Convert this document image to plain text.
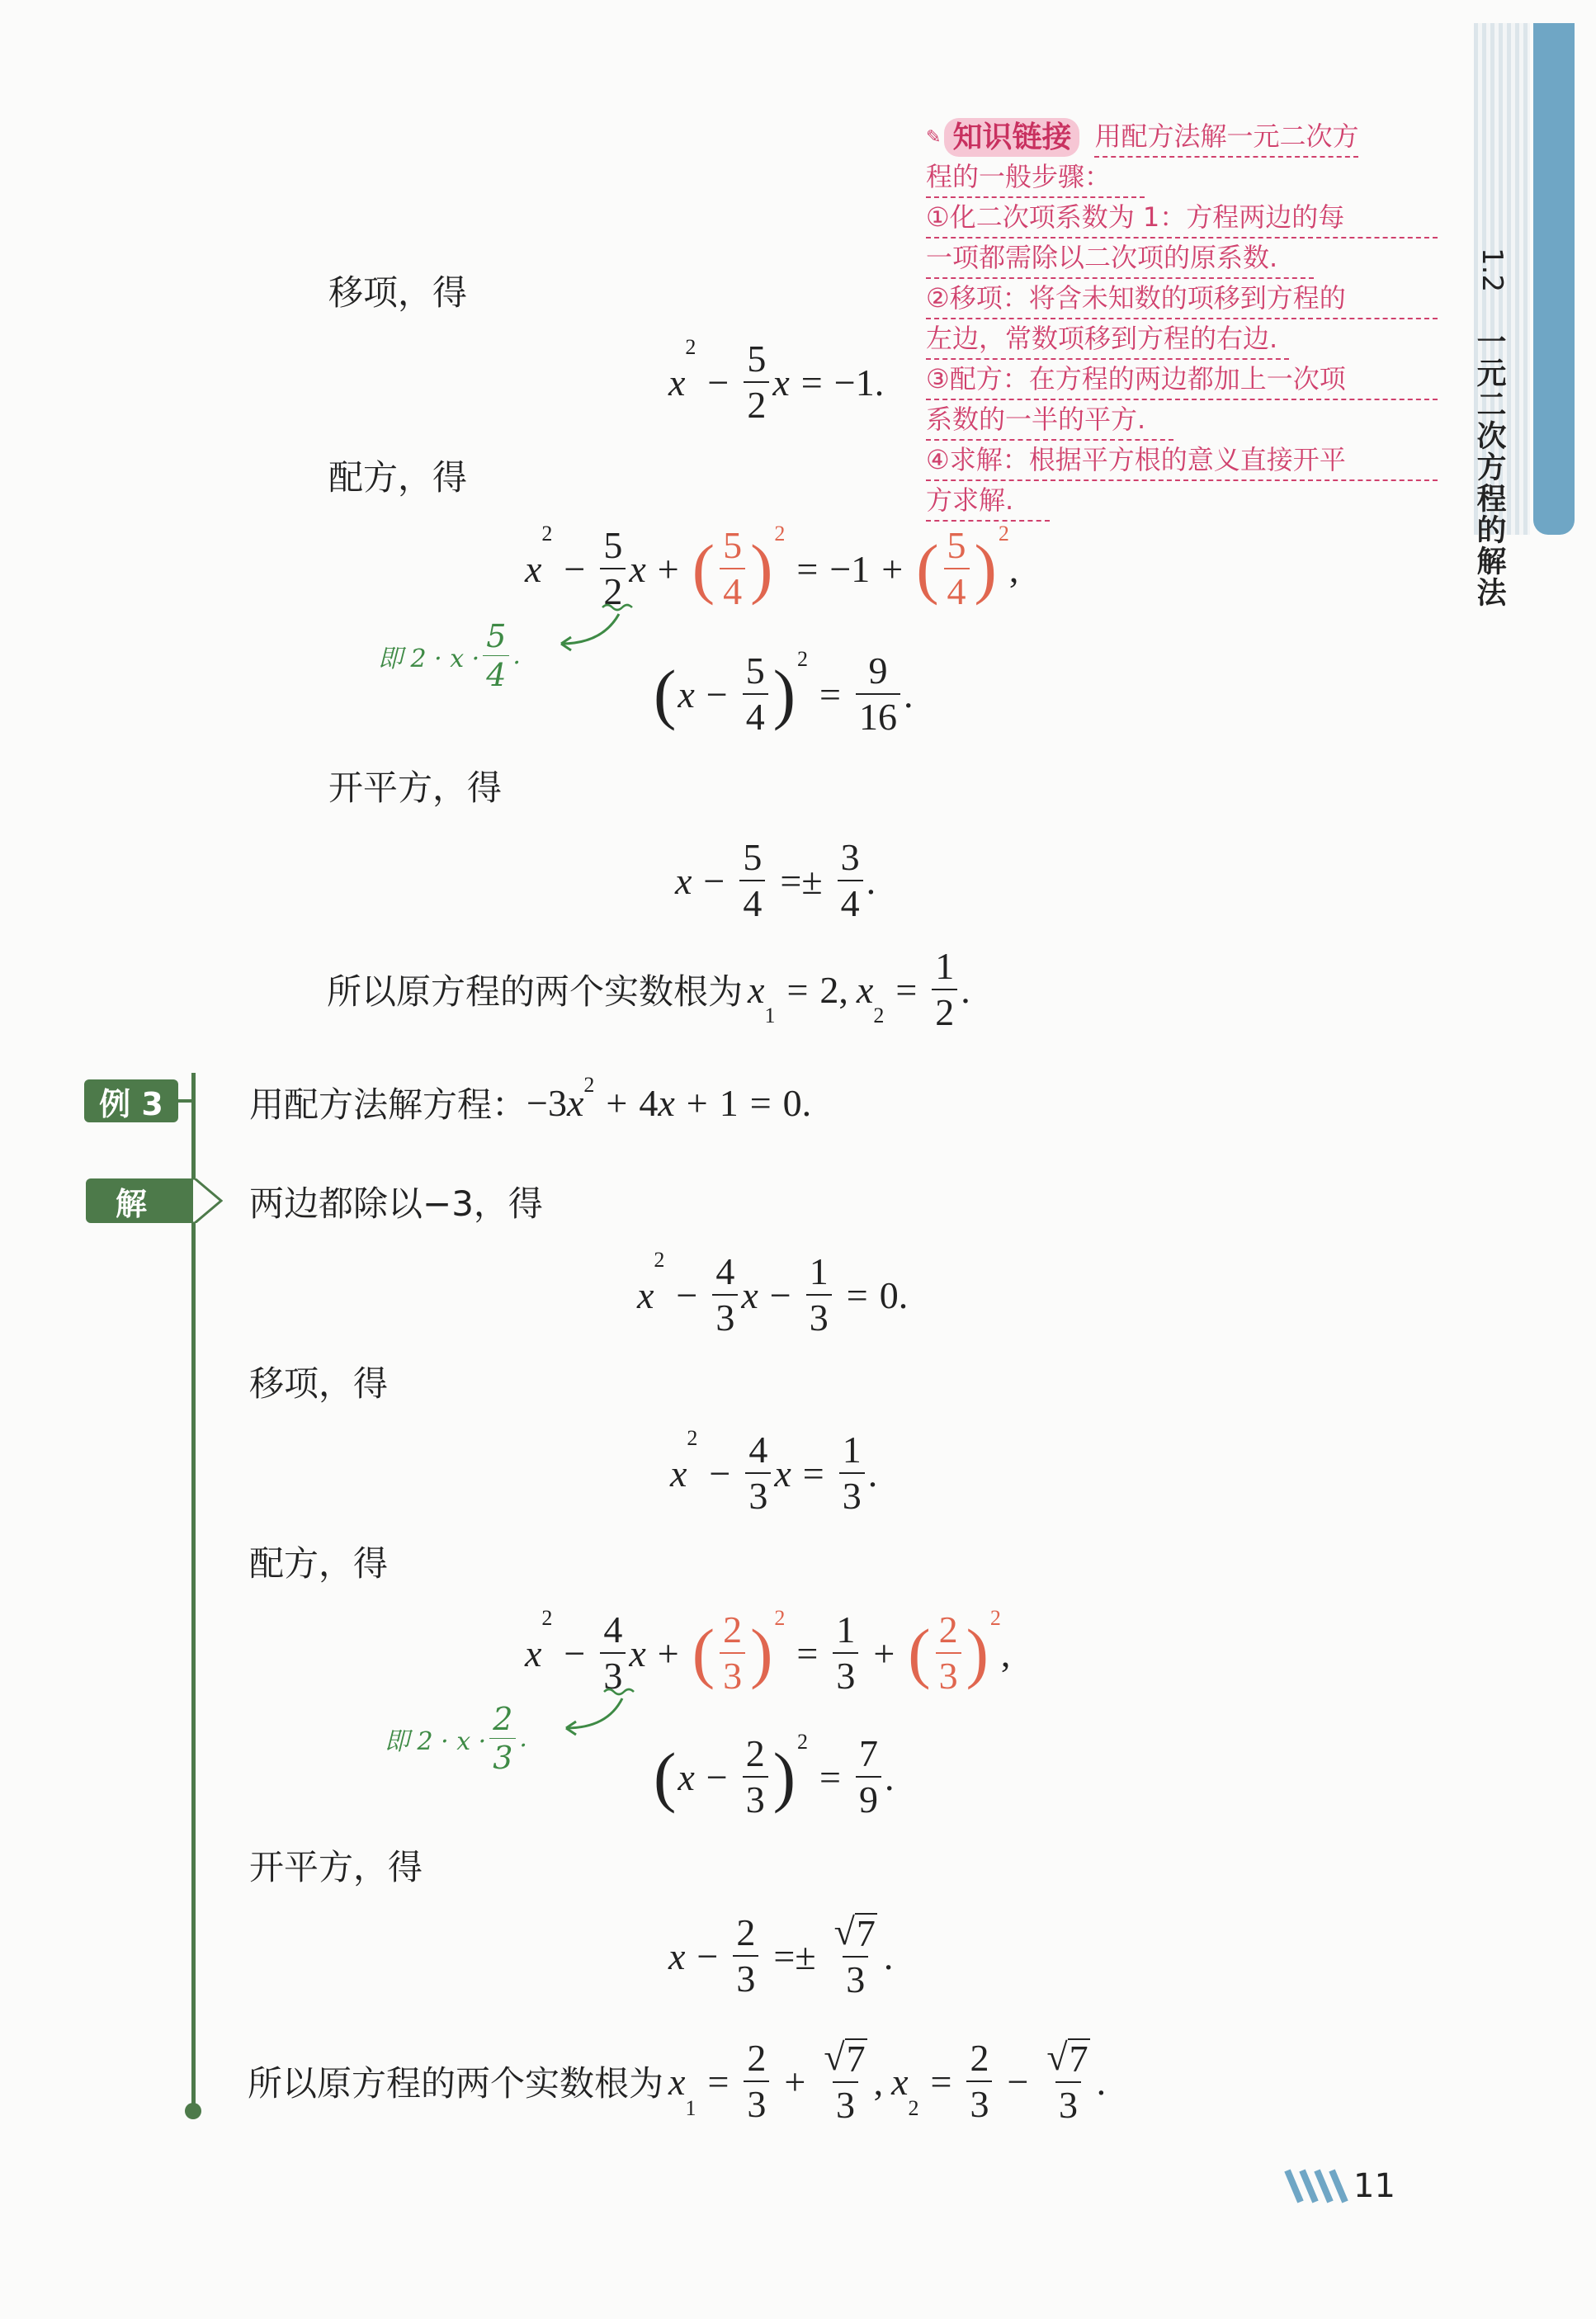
1.2
一元二次方程的解法
✎ 知识链接 用配方法解一元二次方
程的一般步骤：
①化二次项系数为 1：方程两边的每
一项都需除以二次项的原系数.
②移项：将含未知数的项移到方程的
左边，常数项移到方程的右边.
③配方：在方程的两边都加上一次项
系数的一半的平方.
④求解：根据平方根的意义直接开平
方求解.
移项，得
x
2
− $\frac{5}{2}$ x = −1.
配方，得
x
2
− $\frac{5}{2}$ x + ( $\frac{5}{4}$ ) 2
= −1 + ( $\frac{5}{4}$ ) 2
,
即 $2 \cdot x \cdot \frac{5}{4}$ .
( $x - \frac{5}{4}$ ) 2
= $\frac{9}{16}$ .
开平方，得
$x - \frac{5}{4} =\pm \frac{3}{4}$ .
所以原方程的两个实数根为 x
1
= 2, x
2
= $\frac{1}{2}$ .
例 3	用配方法解方程： −3 x 2 + 4 x + 1 = 0.
解	两边都除以−3，得
x
2
− $\frac{4}{3}$ $x - \frac{1}{3} = 0$.
移项，得
x
2
− $\frac{4}{3}$ $x = \frac{1}{3}$ .
配方，得
x
2
− $\frac{4}{3}$ x + ( $\frac{2}{3}$ ) 2
= $\frac{1}{3}$ + ( $\frac{2}{3}$ ) 2
,
即 $2 \cdot x \cdot \frac{2}{3}$ .
( $x - \frac{2}{3}$ ) 2
= $\frac{7}{9}$ .
开平方，得
$x - \frac{2}{3} =\pm \frac{√ 7}{3}$ .
所以原方程的两个实数根为 x
1
= $\frac{2}{3} + \frac{√ 7}{3}$ , x
2
= $\frac{2}{3} - \frac{√ 7}{3}$ .
11
